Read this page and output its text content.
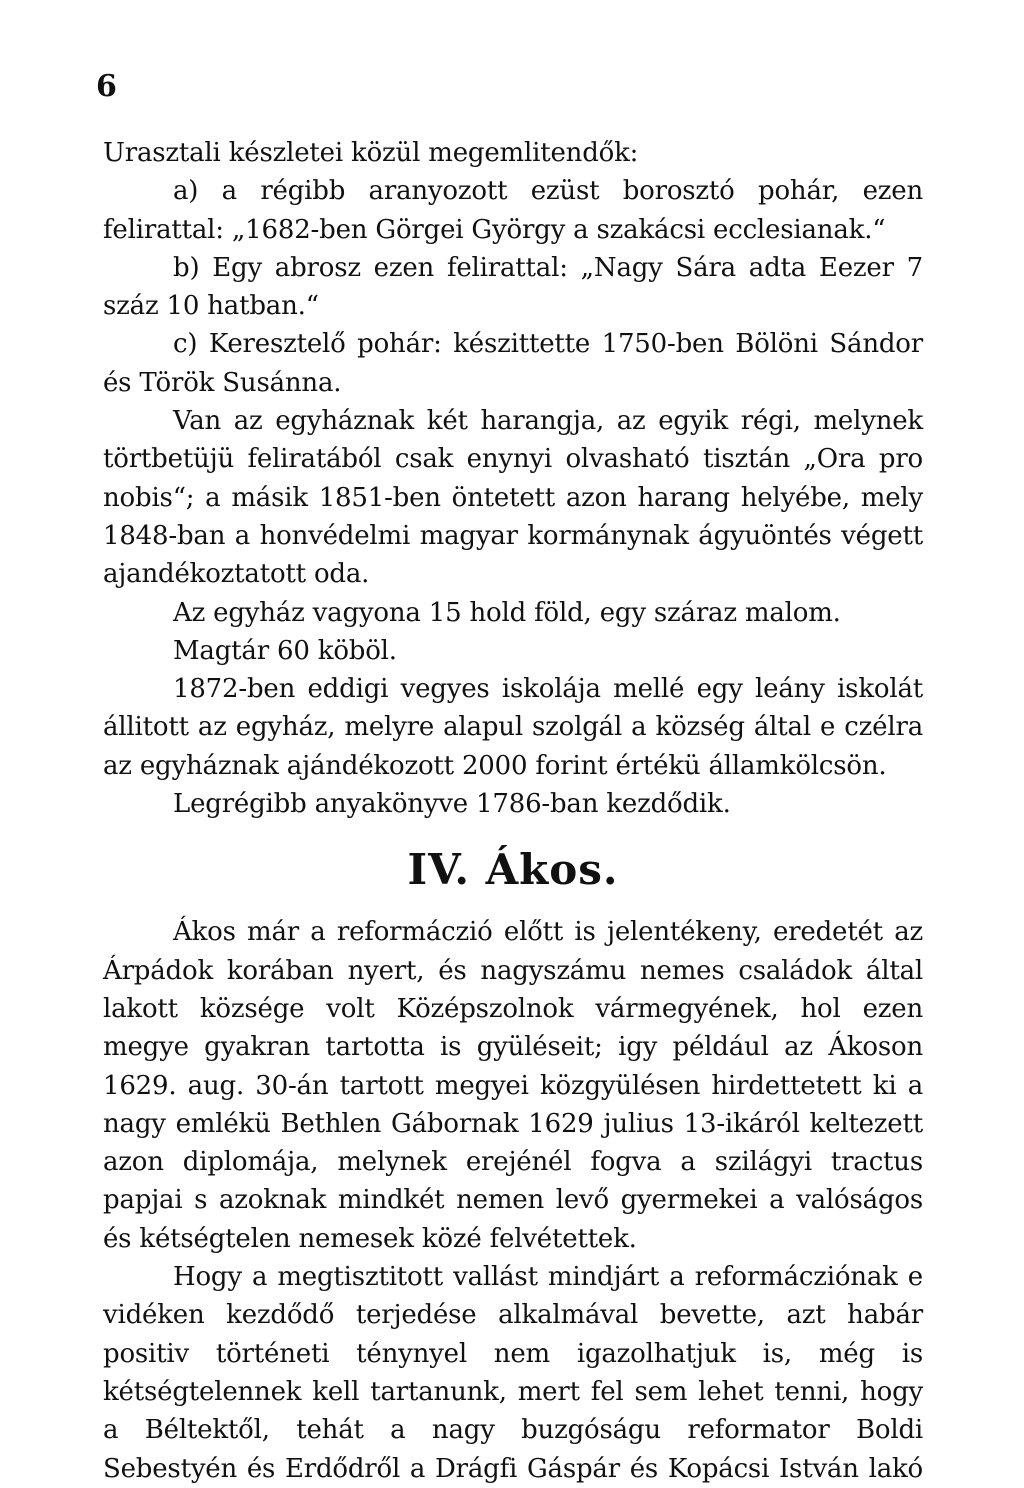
6

Urasztali készletei közül megemlitendők:

a) a régibb aranyozott ezüst borosztó pohár, ezen felirattal: „1682-ben Görgei György a szakácsi ecclesianak.“

b) Egy abrosz ezen felirattal: „Nagy Sára adta Eezer 7 száz 10 hatban.“

c) Keresztelő pohár: készittette 1750-ben Bölöni Sándor és Török Susánna.

Van az egyháznak két harangja, az egyik régi, melynek törtbetüjü feliratából csak enynyi olvasható tisztán „Ora pro nobis“; a másik 1851-ben öntetett azon harang helyébe, mely 1848-ban a honvédelmi magyar kormánynak ágyuöntés végett ajandékoztatott oda.

Az egyház vagyona 15 hold föld, egy száraz malom.

Magtár 60 köböl.

1872-ben eddigi vegyes iskolája mellé egy leány iskolát állitott az egyház, melyre alapul szolgál a község által e czélra az egyháznak ajándékozott 2000 forint értékü államkölcsön.

Legrégibb anyakönyve 1786-ban kezdődik.

IV. Ákos.

Ákos már a reformáczió előtt is jelentékeny, eredetét az Árpádok korában nyert, és nagyszámu nemes családok által lakott községe volt Középszolnok vármegyének, hol ezen megye gyakran tartotta is gyüléseit; igy például az Ákoson 1629. aug. 30-án tartott megyei közgyülésen hirdettetett ki a nagy emlékü Bethlen Gábornak 1629 julius 13-ikáról keltezett azon diplomája, melynek erejénél fogva a szilágyi tractus papjai s azoknak mindkét nemen levő gyermekei a valóságos és kétségtelen nemesek közé felvétettek.

Hogy a megtisztitott vallást mindjárt a reformácziónak e vidéken kezdődő terjedése alkalmával bevette, azt habár positiv történeti ténynyel nem igazolhatjuk is, még is kétségtelennek kell tartanunk, mert fel sem lehet tenni, hogy a Béltektől, tehát a nagy buzgóságu reformator Boldi Sebestyén és Erdődről a Drágfi Gáspár és Kopácsi István lakó
